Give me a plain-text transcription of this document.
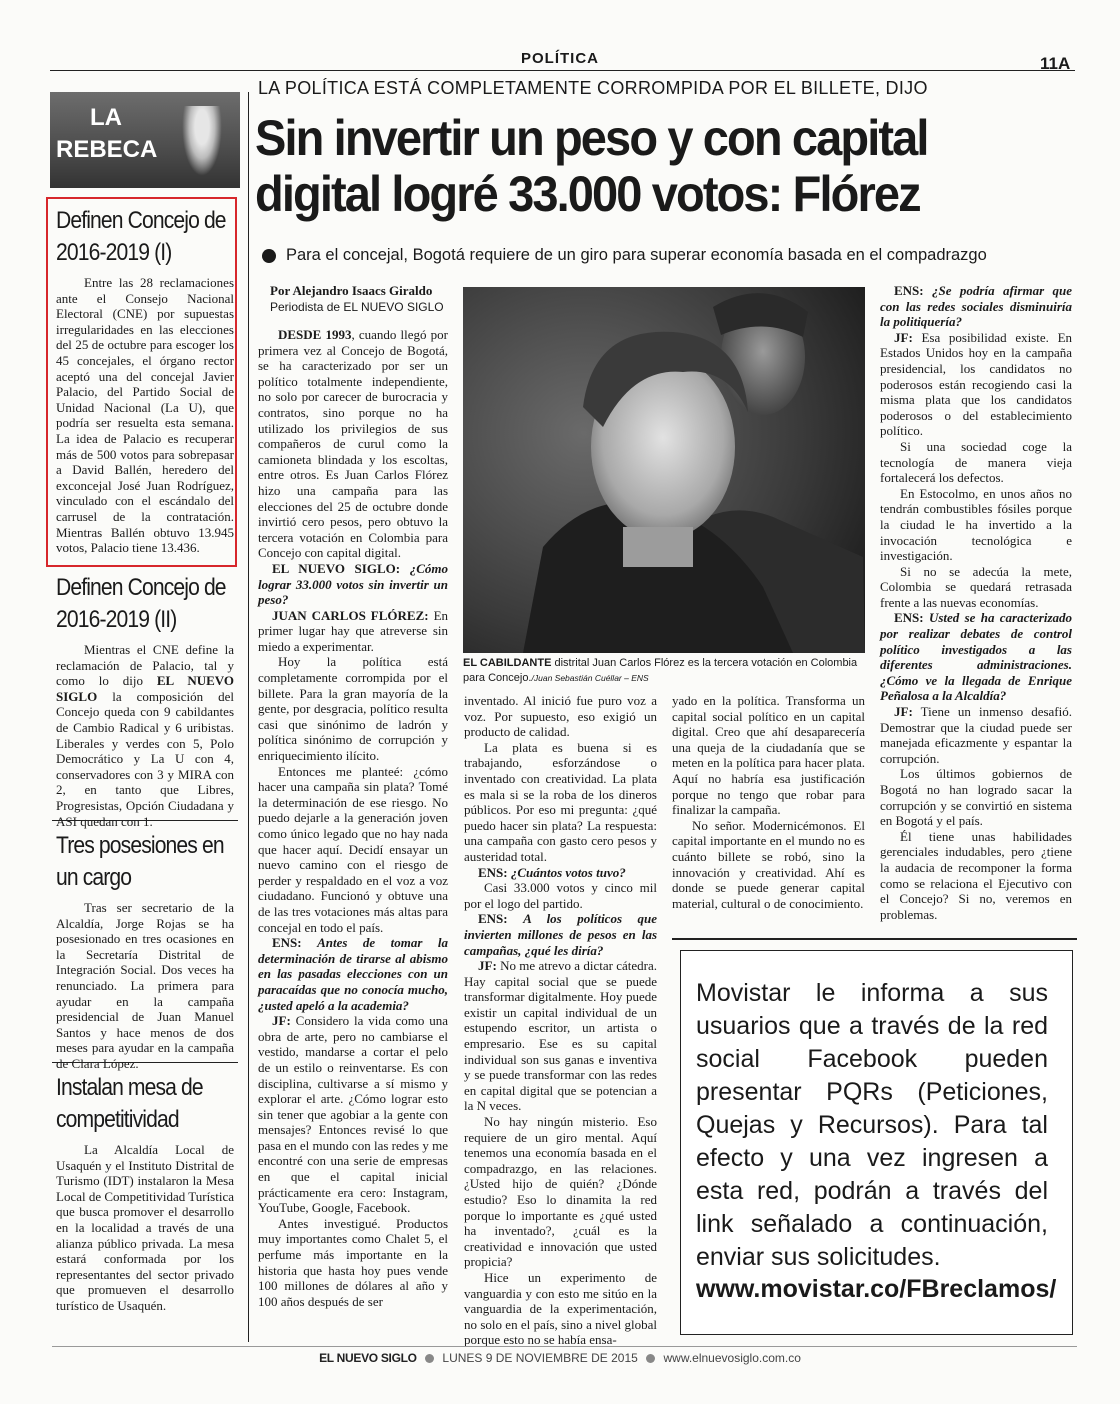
POLÍTICA	11A
LA
REBECA
LA POLÍTICA ESTÁ COMPLETAMENTE CORROMPIDA POR EL BILLETE, DIJO
Sin invertir un peso y con capital
digital logré 33.000 votos: Flórez
Para el concejal, Bogotá requiere de un giro para superar economía basada en el compadrazgo
Definen Concejo de 2016-2019 (I)

Entre las 28 reclamaciones ante el Consejo Nacional Electoral (CNE) por supuestas irregularidades en las elecciones del 25 de octubre para escoger los 45 concejales, el órgano rector aceptó una del concejal Javier Palacio, del Partido Social de Unidad Nacional (La U), que podría ser resuelta esta semana. La idea de Palacio es recuperar más de 500 votos para sobrepasar a David Ballén, heredero del exconcejal José Juan Rodríguez, vinculado con el escándalo del carrusel de la contratación. Mientras Ballén obtuvo 13.945 votos, Palacio tiene 13.436.

Definen Concejo de 2016-2019 (II)

Mientras el CNE define la reclamación de Palacio, tal y como lo dijo EL NUEVO SIGLO la composición del Concejo queda con 9 cabildantes de Cambio Radical y 6 uribistas. Liberales y verdes con 5, Polo Democrático y La U con 4, conservadores con 3 y MIRA con 2, en tanto que Libres, Progresistas, Opción Ciudadana y ASI quedan con 1.

Tres posesiones en un cargo

Tras ser secretario de la Alcaldía, Jorge Rojas se ha posesionado en tres ocasiones en la Secretaría Distrital de Integración Social. Dos veces ha renunciado. La primera para ayudar en la campaña presidencial de Juan Manuel Santos y hace menos de dos meses para ayudar en la campaña de Clara López.

Instalan mesa de competitividad

La Alcaldía Local de Usaquén y el Instituto Distrital de Turismo (IDT) instalaron la Mesa Local de Competitividad Turística que busca promover el desarrollo en la localidad a través de una alianza público privada. La mesa estará conformada por los representantes del sector privado que promueven el desarrollo turístico de Usaquén.

Por Alejandro Isaacs Giraldo
Periodista de EL NUEVO SIGLO

DESDE 1993, cuando llegó por primera vez al Concejo de Bogotá, se ha caracterizado por ser un político totalmente independiente, no solo por carecer de burocracia y contratos, sino porque no ha utilizado los privilegios de sus compañeros de curul como la camioneta blindada y los escoltas, entre otros. Es Juan Carlos Flórez hizo una campaña para las elecciones del 25 de octubre donde invirtió cero pesos, pero obtuvo la tercera votación en Colombia para Concejo con capital digital.

EL NUEVO SIGLO: ¿Cómo lograr 33.000 votos sin invertir un peso?

JUAN CARLOS FLÓREZ: En primer lugar hay que atreverse sin miedo a experimentar.

Hoy la política está completamente corrompida por el billete. Para la gran mayoría de la gente, por desgracia, político resulta casi que sinónimo de ladrón y política sinónimo de corrupción y enriquecimiento ilícito.

Entonces me planteé: ¿cómo hacer una campaña sin plata? Tomé la determinación de ese riesgo. No puedo dejarle a la generación joven como único legado que no hay nada que hacer aquí. Decidí ensayar un nuevo camino con el riesgo de perder y respaldado en el voz a voz ciudadano. Funcionó y obtuve una de las tres votaciones más altas para concejal en todo el país.

ENS: Antes de tomar la determinación de tirarse al abismo en las pasadas elecciones con un paracaídas que no conocía mucho, ¿usted apeló a la academia?

JF: Considero la vida como una obra de arte, pero no cambiarse el vestido, mandarse a cortar el pelo de un estilo o reinventarse. Es con disciplina, cultivarse a sí mismo y explorar el arte. ¿Cómo lograr esto sin tener que agobiar a la gente con mensajes? Entonces revisé lo que pasa en el mundo con las redes y me encontré con una serie de empresas en que el capital inicial prácticamente era cero: Instagram, YouTube, Google, Facebook.

Antes investigué. Productos muy importantes como Chalet 5, el perfume más importante en la historia que hasta hoy pues vende 100 millones de dólares al año y 100 años después de ser

EL CABILDANTE distrital Juan Carlos Flórez es la tercera votación en Colombia para Concejo./Juan Sebastián Cuéllar – ENS

inventado. Al inició fue puro voz a voz. Por supuesto, eso exigió un producto de calidad.

La plata es buena si es trabajando, esforzándose o inventado con creatividad. La plata es mala si se la roba de los dineros públicos. Por eso mi pregunta: ¿qué puedo hacer sin plata? La respuesta: una campaña con gasto cero pesos y austeridad total.

ENS: ¿Cuántos votos tuvo?

Casi 33.000 votos y cinco mil por el logo del partido.

ENS: A los políticos que invierten millones de pesos en las campañas, ¿qué les diría?

JF: No me atrevo a dictar cátedra. Hay capital social que se puede transformar digitalmente. Hoy puede existir un capital individual de un estupendo escritor, un artista o empresario. Ese es su capital individual son sus ganas e inventiva y se puede transformar con las redes en capital digital que se potencian a la N veces.

No hay ningún misterio. Eso requiere de un giro mental. Aquí tenemos una economía basada en el compadrazgo, en las relaciones. ¿Usted hijo de quién? ¿Dónde estudio? Eso lo dinamita la red porque lo importante es ¿qué usted ha inventado?, ¿cuál es la creatividad e innovación que usted propicia?

Hice un experimento de vanguardia y con esto me sitúo en la vanguardia de la experimentación, no solo en el país, sino a nivel global porque esto no se había ensa-

yado en la política. Transforma un capital social político en un capital digital. Creo que ahí desaparecería una queja de la ciudadanía que se meten en la política para hacer plata. Aquí no habría esa justificación porque no tengo que robar para finalizar la campaña.

No señor. Modernicémonos. El capital importante en el mundo no es cuánto billete se robó, sino la innovación y creatividad. Ahí es donde se puede generar capital material, cultural o de conocimiento.

ENS: ¿Se podría afirmar que con las redes sociales disminuiría la politiquería?

JF: Esa posibilidad existe. En Estados Unidos hoy en la campaña presidencial, los candidatos no poderosos están recogiendo casi la misma plata que los candidatos poderosos o del establecimiento político.

Si una sociedad coge la tecnología de manera vieja fortalecerá los defectos.

En Estocolmo, en unos años no tendrán combustibles fósiles porque la ciudad le ha invertido a la invocación tecnológica e investigación.

Si no se adecúa la mete, Colombia se quedará retrasada frente a las nuevas economías.

ENS: Usted se ha caracterizado por realizar debates de control político investigados a las diferentes administraciones. ¿Cómo ve la llegada de Enrique Peñalosa a la Alcaldía?

JF: Tiene un inmenso desafió. Demostrar que la ciudad puede ser manejada eficazmente y espantar la corrupción.

Los últimos gobiernos de Bogotá no han logrado sacar la corrupción y se convirtió en sistema en Bogotá y el país.

Él tiene unas habilidades gerenciales indudables, pero ¿tiene la audacia de recomponer la forma como se relaciona el Ejecutivo con el Concejo? Si no, veremos en problemas.

Movistar le informa a sus usuarios que a través de la red social Facebook pueden presentar PQRs (Peticiones, Quejas y Recursos). Para tal efecto y una vez ingresen a esta red, podrán a través del link señalado a continuación, enviar sus solicitudes.
www.movistar.co/FBreclamos/
EL NUEVO SIGLO LUNES 9 DE NOVIEMBRE DE 2015 www.elnuevosiglo.com.co
